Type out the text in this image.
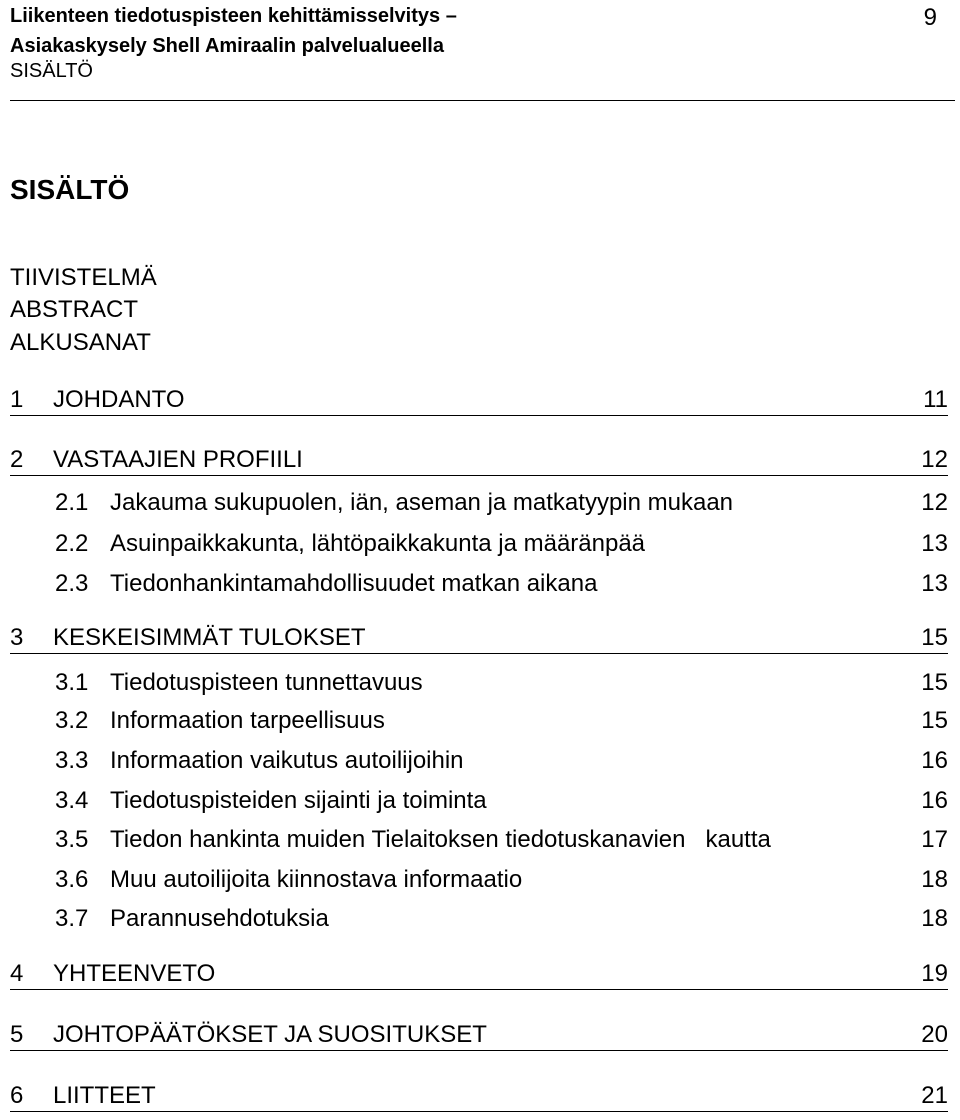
Liikenteen tiedotuspisteen kehittämisselvitys –
Asiakaskysely Shell Amiraalin palvelualueella
SISÄLTÖ
9
SISÄLTÖ
TIIVISTELMÄ
ABSTRACT
ALKUSANAT
1 JOHDANTO	11
2 VASTAAJIEN PROFIILI	12
2.1 Jakauma sukupuolen, iän, aseman ja matkatyypin mukaan	12
2.2 Asuinpaikkakunta, lähtöpaikkakunta ja määränpää	13
2.3 Tiedonhankintamahdollisuudet matkan aikana	13
3 KESKEISIMMÄT TULOKSET	15
3.1 Tiedotuspisteen tunnettavuus	15
3.2 Informaation tarpeellisuus	15
3.3 Informaation vaikutus autoilijoihin	16
3.4 Tiedotuspisteiden sijainti ja toiminta	16
3.5 Tiedon hankinta muiden Tielaitoksen tiedotuskanavien   kautta	17
3.6 Muu autoilijoita kiinnostava informaatio	18
3.7 Parannusehdotuksia	18
4 YHTEENVETO	19
5 JOHTOPÄÄTÖKSET JA SUOSITUKSET	20
6 LIITTEET	21
